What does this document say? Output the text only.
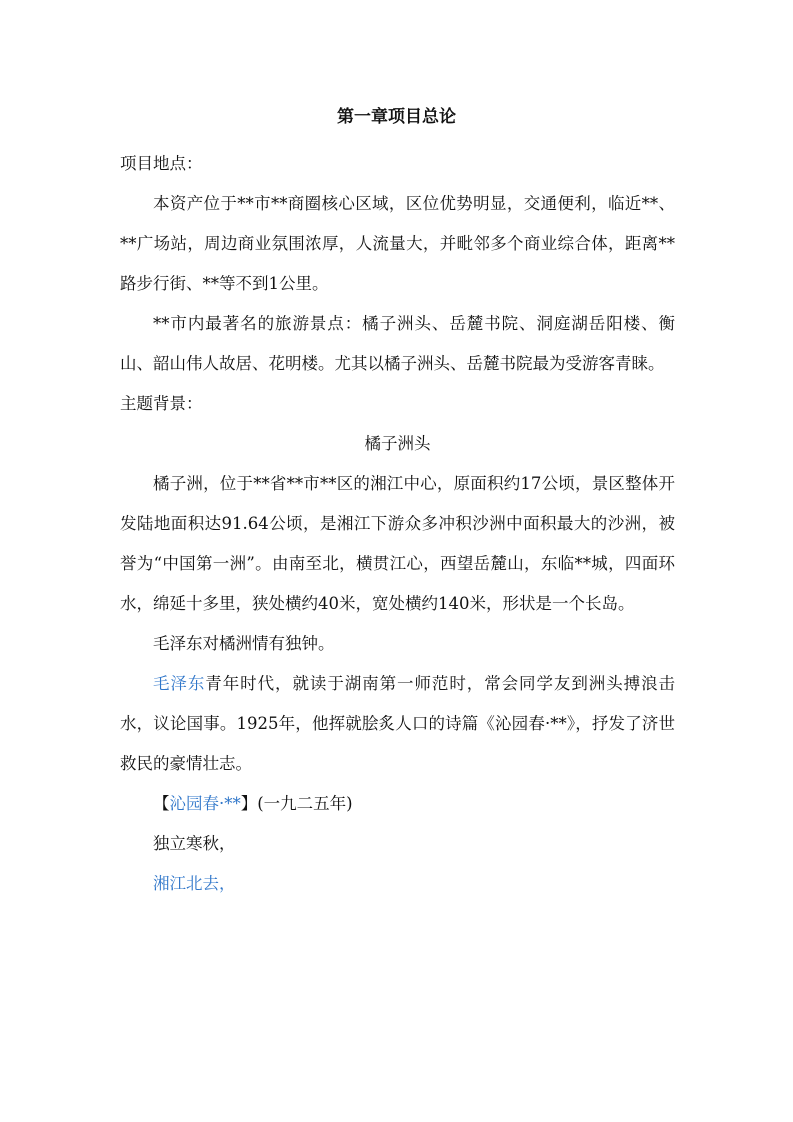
第一章项目总论

项目地点：

本资产位于**市**商圈核心区域，区位优势明显，交通便利，临近**、**广场站，周边商业氛围浓厚，人流量大，并毗邻多个商业综合体，距离**路步行街、**等不到1公里。

**市内最著名的旅游景点：橘子洲头、岳麓书院、洞庭湖岳阳楼、衡山、韶山伟人故居、花明楼。尤其以橘子洲头、岳麓书院最为受游客青睐。

主题背景：

橘子洲头

橘子洲，位于**省**市**区的湘江中心，原面积约17公顷，景区整体开发陆地面积达91.64公顷，是湘江下游众多冲积沙洲中面积最大的沙洲，被誉为“中国第一洲”。由南至北，横贯江心，西望岳麓山，东临**城，四面环水，绵延十多里，狭处横约40米，宽处横约140米，形状是一个长岛。

毛泽东对橘洲情有独钟。

毛泽东青年时代，就读于湖南第一师范时，常会同学友到洲头搏浪击水，议论国事。1925年，他挥就脍炙人口的诗篇《沁园春·**》，抒发了济世救民的豪情壮志。

【沁园春·**】(一九二五年)

独立寒秋，

湘江北去，
